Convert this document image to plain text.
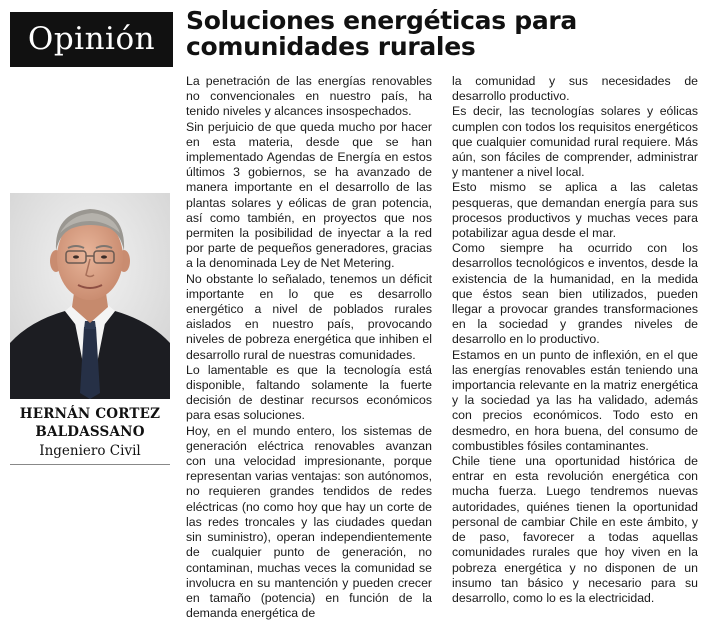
Opinión
Soluciones energéticas para comunidades rurales
HERNÁN CORTEZ
BALDASSANO
Ingeniero Civil

La penetración de las energías renovables no convencionales en nuestro país, ha tenido niveles y alcances insospechados.

Sin perjuicio de que queda mucho por hacer en esta materia, desde que se han implementado Agendas de Energía en estos últimos 3 gobiernos, se ha avanzado de manera importante en el desarrollo de las plantas solares y eólicas de gran potencia, así como también, en proyectos que nos permiten la posibilidad de inyectar a la red por parte de pequeños generadores, gracias a la denominada Ley de Net Metering.

No obstante lo señalado, tenemos un déficit importante en lo que es desarrollo energético a nivel de poblados rurales aislados en nuestro país, provocando niveles de pobreza energética que inhiben el desarrollo rural de nuestras comunidades.

Lo lamentable es que la tecnología está disponible, faltando solamente la fuerte decisión de destinar recursos económicos para esas soluciones.

Hoy, en el mundo entero, los sistemas de generación eléctrica renovables avanzan con una velocidad impresionante, porque representan varias ventajas: son autónomos, no requieren grandes tendidos de redes eléctricas (no como hoy que hay un corte de las redes troncales y las ciudades quedan sin suministro), operan independientemente de cualquier punto de generación, no contaminan, muchas veces la comunidad se involucra en su mantención y pueden crecer en tamaño (potencia) en función de la demanda energética de

la comunidad y sus necesidades de desarrollo productivo.

Es decir, las tecnologías solares y eólicas cumplen con todos los requisitos energéticos que cualquier comunidad rural requiere. Más aún, son fáciles de comprender, administrar y mantener a nivel local.

Esto mismo se aplica a las caletas pesqueras, que demandan energía para sus procesos productivos y muchas veces para potabilizar agua desde el mar.

Como siempre ha ocurrido con los desarrollos tecnológicos e inventos, desde la existencia de la humanidad, en la medida que éstos sean bien utilizados, pueden llegar a provocar grandes transformaciones en la sociedad y grandes niveles de desarrollo en lo productivo.

Estamos en un punto de inflexión, en el que las energías renovables están teniendo una importancia relevante en la matriz energética y la sociedad ya las ha validado, además con precios económicos. Todo esto en desmedro, en hora buena, del consumo de combustibles fósiles contaminantes.

Chile tiene una oportunidad histórica de entrar en esta revolución energética con mucha fuerza. Luego tendremos nuevas autoridades, quiénes tienen la oportunidad personal de cambiar Chile en este ámbito, y de paso, favorecer a todas aquellas comunidades rurales que hoy viven en la pobreza energética y no disponen de un insumo tan básico y necesario para su desarrollo, como lo es la electricidad.
